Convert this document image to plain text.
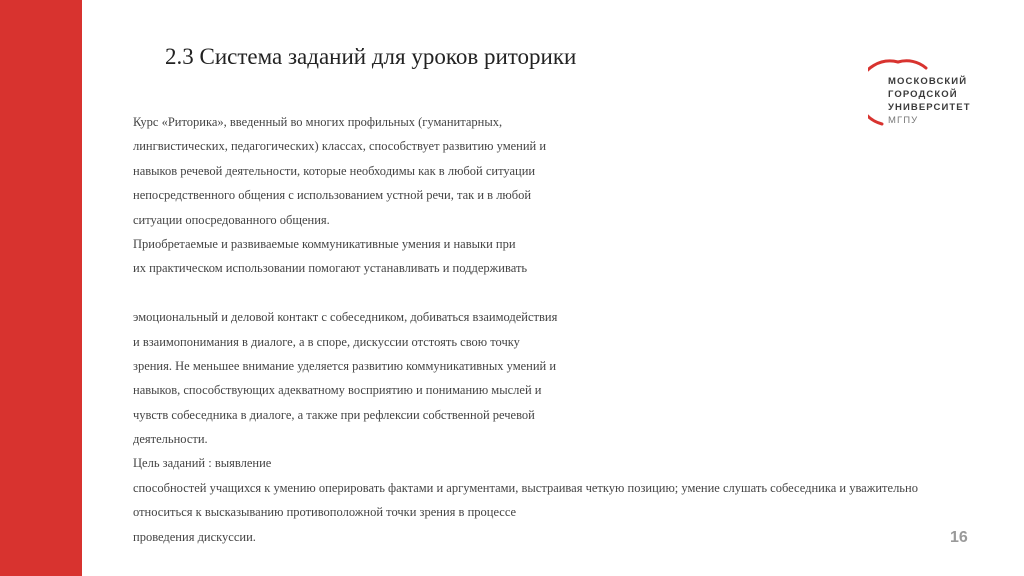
2.3 Система заданий для уроков риторики
МОСКОВСКИЙ
ГОРОДСКОЙ
УНИВЕРСИТЕТ
МГПУ
Курс «Риторика», введенный во многих профильных (гуманитарных,
лингвистических, педагогических) классах, способствует развитию умений и
навыков речевой деятельности, которые необходимы как в любой ситуации
непосредственного общения с использованием устной речи, так и в любой
ситуации опосредованного общения.
Приобретаемые и развиваемые коммуникативные умения и навыки при
их практическом использовании помогают устанавливать и поддерживать
эмоциональный и деловой контакт с собеседником, добиваться взаимодействия
и взаимопонимания в диалоге, а в споре, дискуссии отстоять свою точку
зрения. Не меньшее внимание уделяется развитию коммуникативных умений и
навыков, способствующих адекватному восприятию и пониманию мыслей и
чувств собеседника в диалоге, а также при рефлексии собственной речевой
деятельности.
Цель заданий : выявление
способностей учащихся к умению оперировать фактами и аргументами, выстраивая четкую позицию; умение слушать собеседника и уважительно
относиться к высказыванию противоположной точки зрения в процессе
проведения дискуссии.	16
